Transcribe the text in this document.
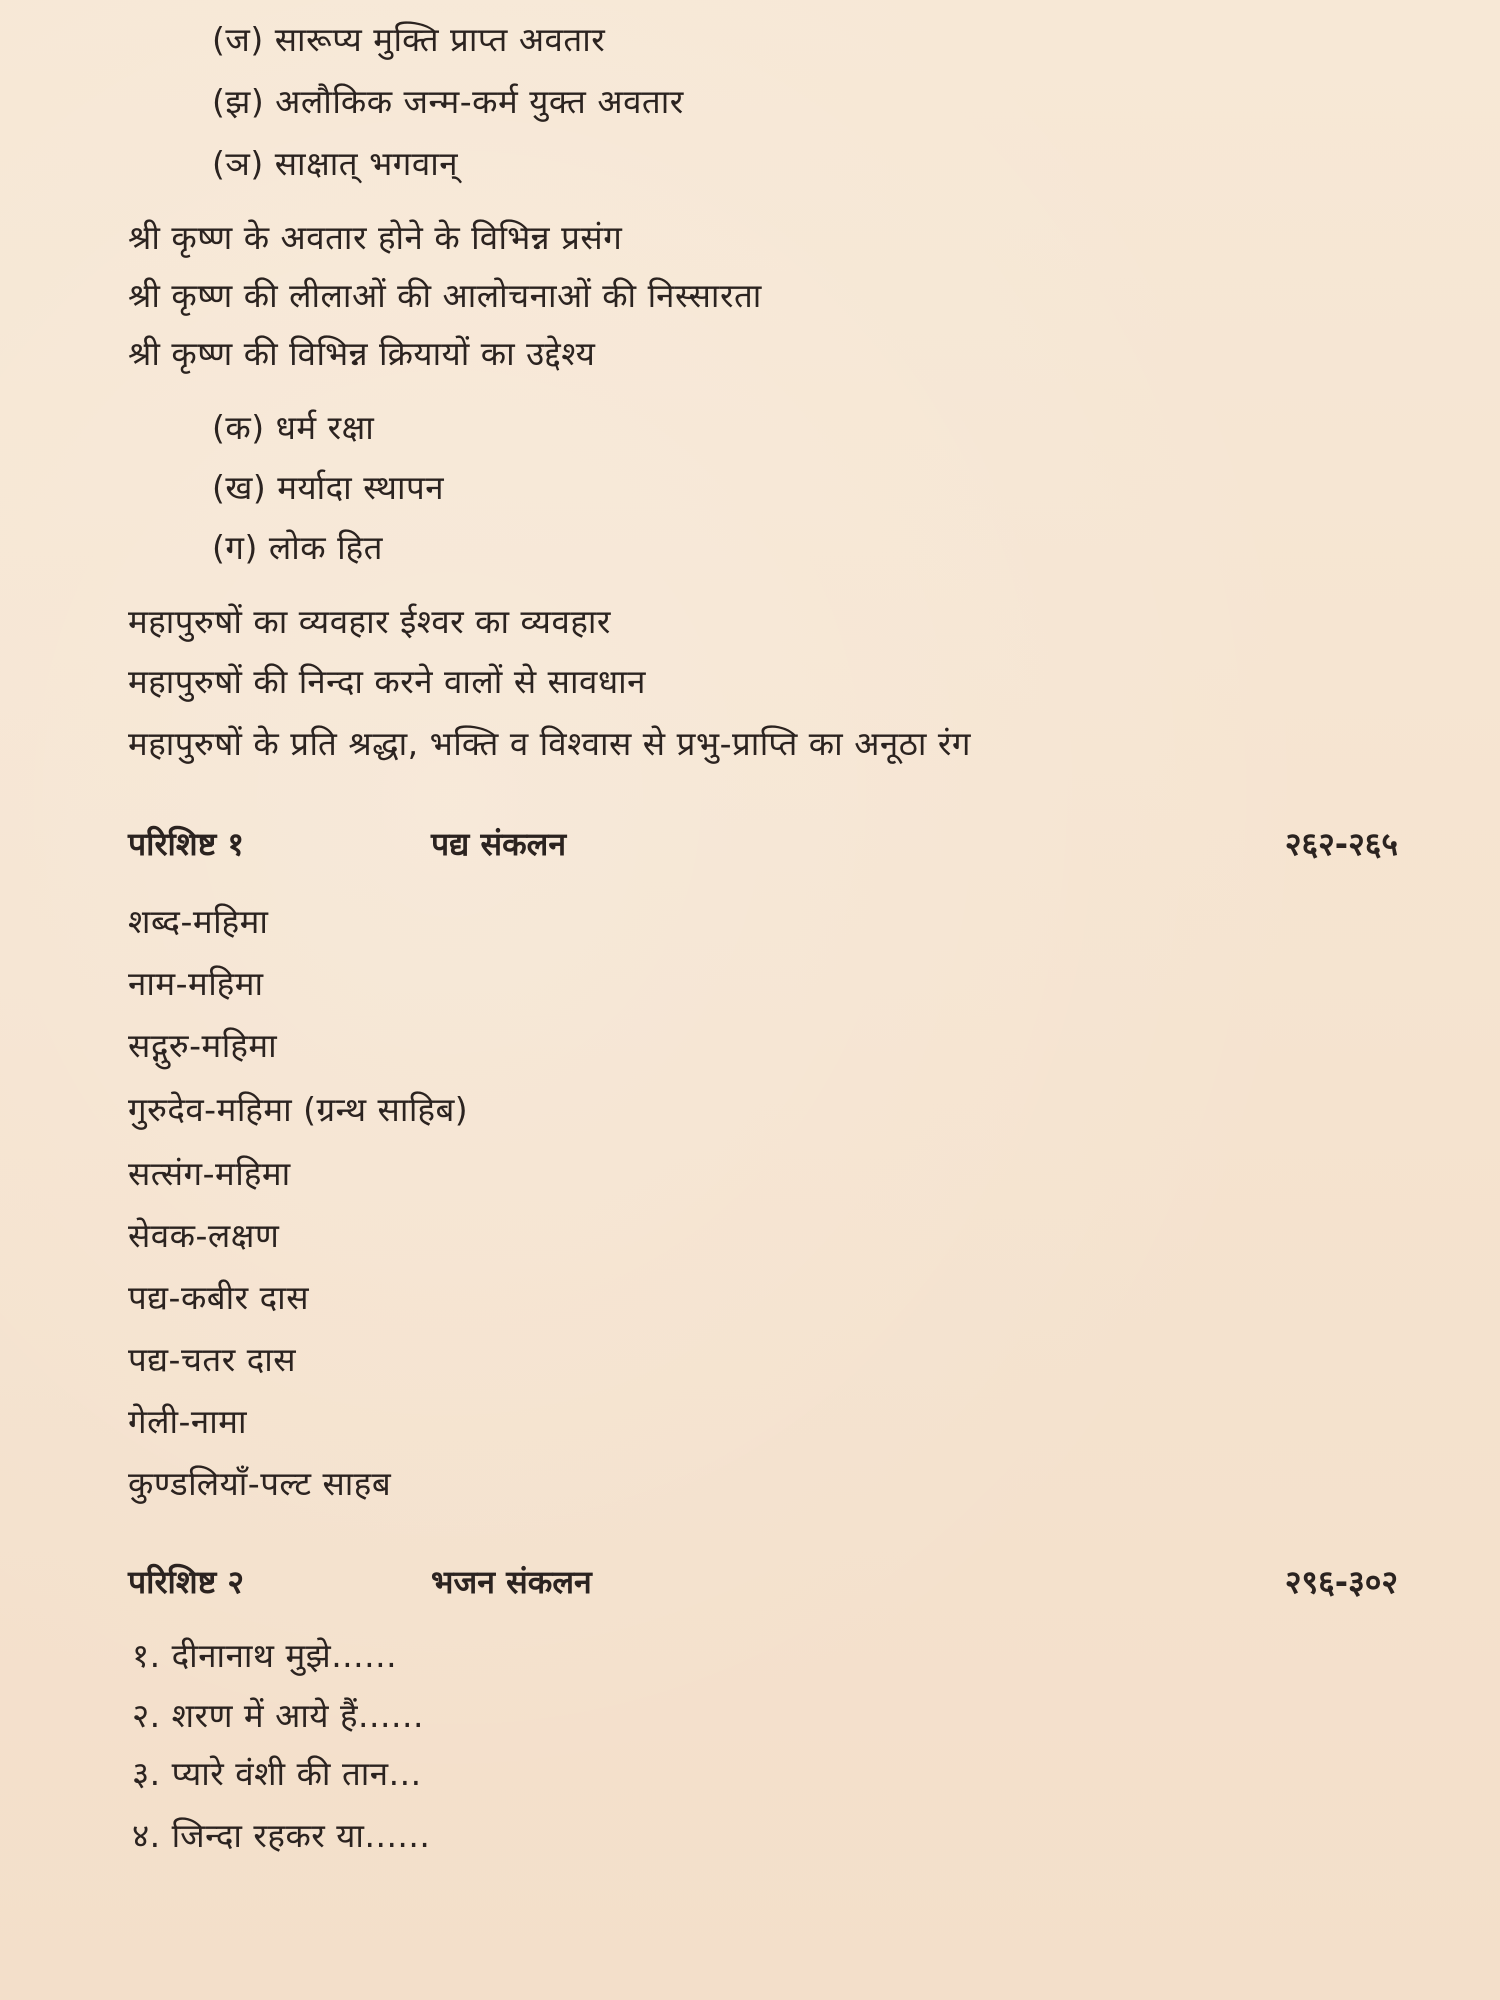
(ज) सारूप्य मुक्ति प्राप्त अवतार
(झ) अलौकिक जन्म-कर्म युक्त अवतार
(ञ) साक्षात् भगवान्
श्री कृष्ण के अवतार होने के विभिन्न प्रसंग
श्री कृष्ण की लीलाओं की आलोचनाओं की निस्सारता
श्री कृष्ण की विभिन्न क्रियायों का उद्देश्य
(क) धर्म रक्षा
(ख) मर्यादा स्थापन
(ग) लोक हित
महापुरुषों का व्यवहार ईश्वर का व्यवहार
महापुरुषों की निन्दा करने वालों से सावधान
महापुरुषों के प्रति श्रद्धा, भक्ति व विश्वास से प्रभु-प्राप्ति का अनूठा रंग
परिशिष्ट १	पद्य संकलन	२६२-२६५
शब्द-महिमा
नाम-महिमा
सद्गुरु-महिमा
गुरुदेव-महिमा (ग्रन्थ साहिब)
सत्संग-महिमा
सेवक-लक्षण
पद्य-कबीर दास
पद्य-चतर दास
गेली-नामा
कुण्डलियाँ-पल्ट साहब
परिशिष्ट २	भजन संकलन	२९६-३०२
१. दीनानाथ मुझे......
२. शरण में आये हैं......
३. प्यारे वंशी की तान...
४. जिन्दा रहकर या......
